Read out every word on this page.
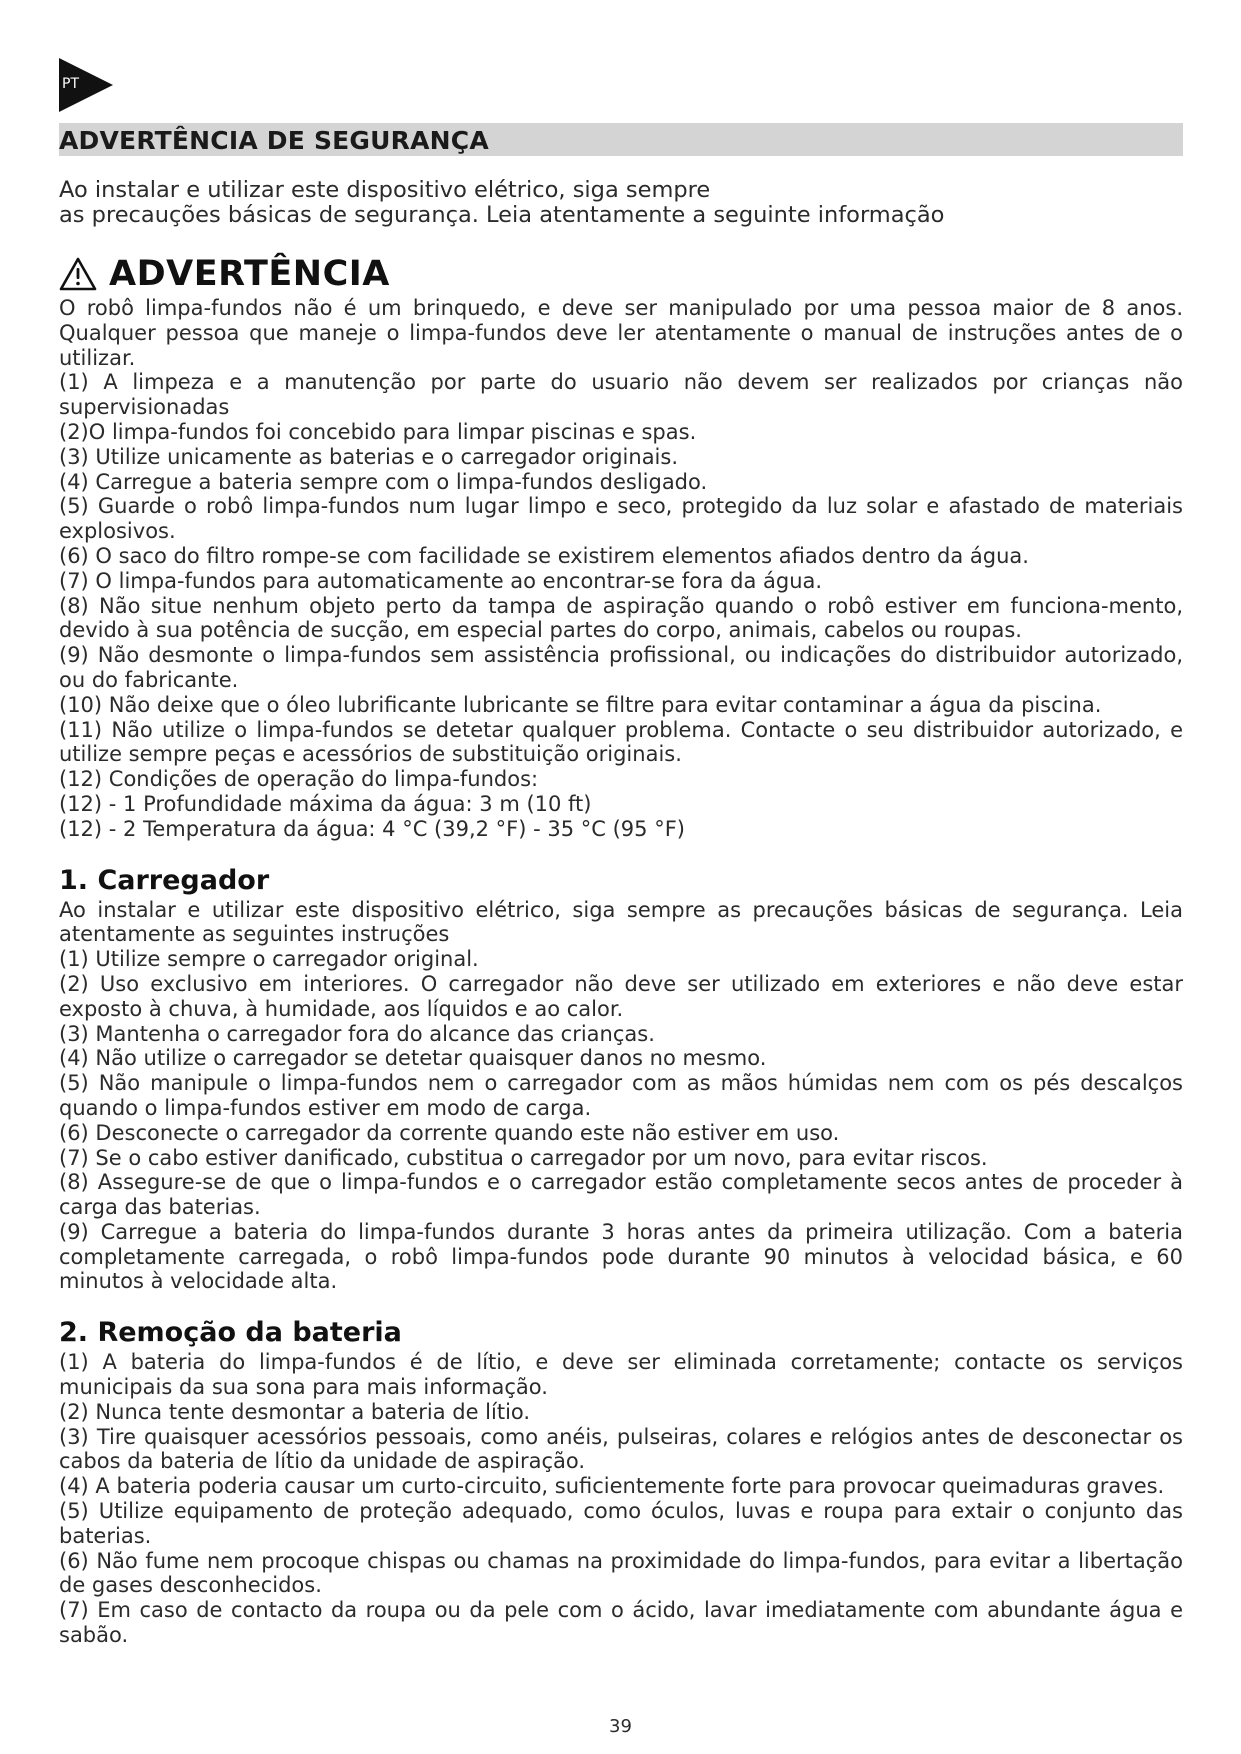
PT
ADVERTÊNCIA DE SEGURANÇA

Ao instalar e utilizar este dispositivo elétrico, siga sempre

as precauções básicas de segurança. Leia atentamente a seguinte informação

ADVERTÊNCIA
O robô limpa-fundos não é um brinquedo, e deve ser manipulado por uma pessoa maior de 8 anos. Qualquer pessoa que maneje o limpa-fundos deve ler atentamente o manual de instruções antes de o utilizar.
(1) A limpeza e a manutenção por parte do usuario não devem ser realizados por crianças não supervisionadas
(2)O limpa-fundos foi concebido para limpar piscinas e spas.
(3) Utilize unicamente as baterias e o carregador originais.
(4) Carregue a bateria sempre com o limpa-fundos desligado.
(5) Guarde o robô limpa-fundos num lugar limpo e seco, protegido da luz solar e afastado de materiais explosivos.
(6) O saco do filtro rompe-se com facilidade se existirem elementos afiados dentro da água.
(7) O limpa-fundos para automaticamente ao encontrar-se fora da água.
(8) Não situe nenhum objeto perto da tampa de aspiração quando o robô estiver em funciona-mento, devido à sua potência de sucção, em especial partes do corpo, animais, cabelos ou roupas.
(9) Não desmonte o limpa-fundos sem assistência profissional, ou indicações do distribuidor autorizado, ou do fabricante.
(10) Não deixe que o óleo lubrificante lubricante se filtre para evitar contaminar a água da piscina.
(11) Não utilize o limpa-fundos se detetar qualquer problema. Contacte o seu distribuidor autorizado, e utilize sempre peças e acessórios de substituição originais.
(12) Condições de operação do limpa-fundos:
(12) - 1 Profundidade máxima da água: 3 m (10 ft)
(12) - 2 Temperatura da água: 4 °C (39,2 °F) - 35 °C (95 °F)
1. Carregador
Ao instalar e utilizar este dispositivo elétrico, siga sempre as precauções básicas de segurança. Leia atentamente as seguintes instruções
(1) Utilize sempre o carregador original.
(2) Uso exclusivo em interiores. O carregador não deve ser utilizado em exteriores e não deve estar exposto à chuva, à humidade, aos líquidos e ao calor.
(3) Mantenha o carregador fora do alcance das crianças.
(4) Não utilize o carregador se detetar quaisquer danos no mesmo.
(5) Não manipule o limpa-fundos nem o carregador com as mãos húmidas nem com os pés descalços quando o limpa-fundos estiver em modo de carga.
(6) Desconecte o carregador da corrente quando este não estiver em uso.
(7) Se o cabo estiver danificado, cubstitua o carregador por um novo, para evitar riscos.
(8) Assegure-se de que o limpa-fundos e o carregador estão completamente secos antes de proceder à carga das baterias.
(9) Carregue a bateria do limpa-fundos durante 3 horas antes da primeira utilização. Com a bateria completamente carregada, o robô limpa-fundos pode durante 90 minutos à velocidad básica, e 60 minutos à velocidade alta.
2. Remoção da bateria
(1) A bateria do limpa-fundos é de lítio, e deve ser eliminada corretamente; contacte os serviços municipais da sua sona para mais informação.
(2) Nunca tente desmontar a bateria de lítio.
(3) Tire quaisquer acessórios pessoais, como anéis, pulseiras, colares e relógios antes de desconectar os cabos da bateria de lítio da unidade de aspiração.
(4) A bateria poderia causar um curto-circuito, suficientemente forte para provocar queimaduras graves.
(5) Utilize equipamento de proteção adequado, como óculos, luvas e roupa para extair o conjunto das baterias.
(6) Não fume nem procoque chispas ou chamas na proximidade do limpa-fundos, para evitar a libertação de gases desconhecidos.
(7) Em caso de contacto da roupa ou da pele com o ácido, lavar imediatamente com abundante água e sabão.
39
